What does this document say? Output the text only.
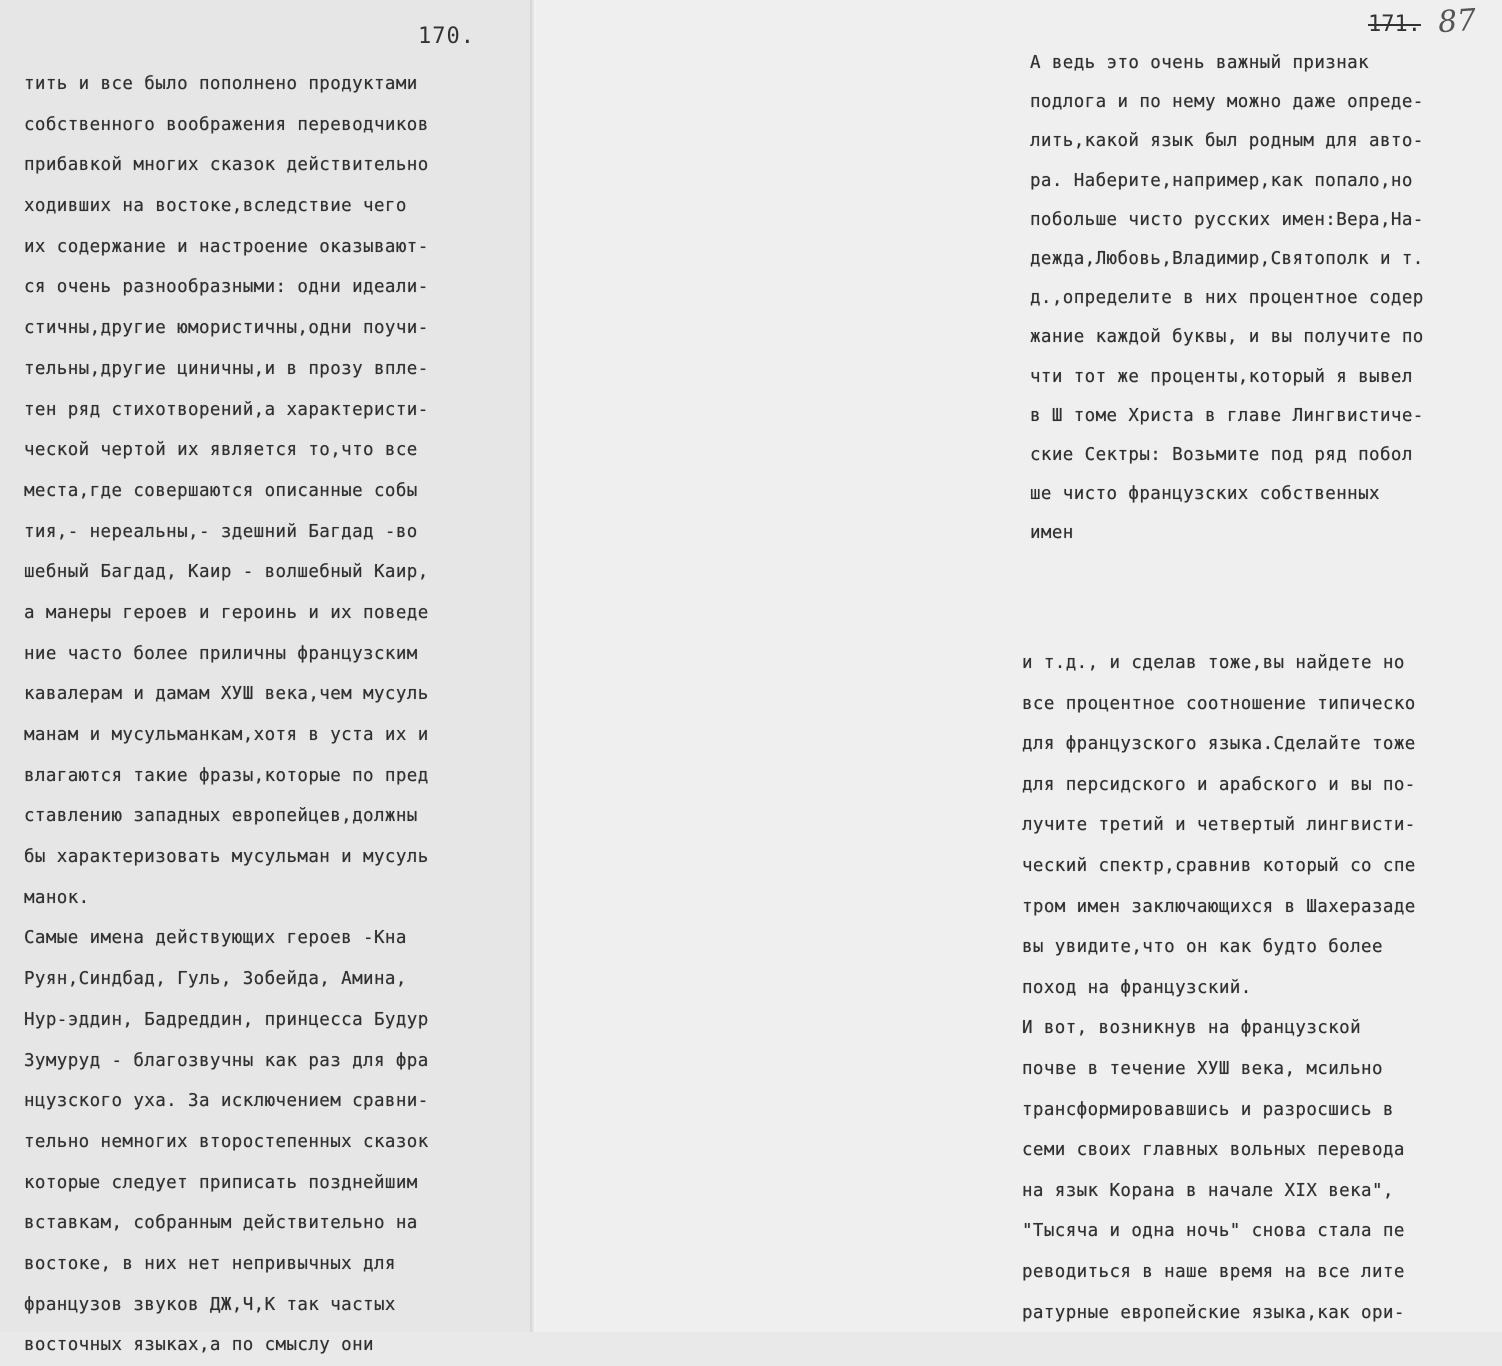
170.
тить и все было пополнено продуктами
собственного воображения переводчиков
прибавкой многих сказок действительно
ходивших на востоке,вследствие чего
их содержание и настроение оказывают-
ся очень разнообразными: одни идеали-
стичны,другие юмористичны,одни поучи-
тельны,другие циничны,и в прозу впле-
тен ряд стихотворений,а характеристи-
ческой чертой их является то,что все
места,где совершаются описанные собы
тия,- нереальны,- здешний Багдад -во
шебный Багдад, Каир - волшебный Каир,
а манеры героев и героинь и их поведе
ние часто более приличны французским
кавалерам и дамам ХУШ века,чем мусуль
манам и мусульманкам,хотя в уста их и
влагаются такие фразы,которые по пред
ставлению западных европейцев,должны
бы характеризовать мусульман и мусуль
манок.
Самые имена действующих героев -Кна
Руян,Синдбад, Гуль, Зобейда, Амина,
Нур-эддин, Бадреддин, принцесса Будур
Зумуруд - благозвучны как раз для фра
нцузского уха. За исключением сравни-
тельно немногих второстепенных сказок
которые следует приписать позднейшим
вставкам, собранным действительно на
востоке, в них нет непривычных для
французов звуков ДЖ,Ч,К так частых
восточных языках,а по смыслу они
171. 87
А ведь это очень важный признак
подлога и по нему можно даже опреде-
лить,какой язык был родным для авто-
ра. Наберите,например,как попало,но
побольше чисто русских имен:Вера,На-
дежда,Любовь,Владимир,Святополк и т.
д.,определите в них процентное содер
жание каждой буквы, и вы получите по
чти тот же проценты,который я вывел
в Ш томе Христа в главе Лингвистиче-
ские Сектры: Возьмите под ряд побол
ше чисто французских собственных
имен
и т.д., и сделав тоже,вы найдете но
все процентное соотношение типическо
для французского языка.Сделайте тоже
для персидского и арабского и вы по-
лучите третий и четвертый лингвисти-
ческий спектр,сравнив который со спе
тром имен заключающихся в Шахеразаде
вы увидите,что он как будто более
поход на французский.
И вот, возникнув на французской
почве в течение ХУШ века, мсильно
трансформировавшись и разросшись в
семи своих главных вольных перевода
на язык Корана в начале XIX века",
"Тысяча и одна ночь" снова стала пе
реводиться в наше время на все лите
ратурные европейские языка,как ори-
